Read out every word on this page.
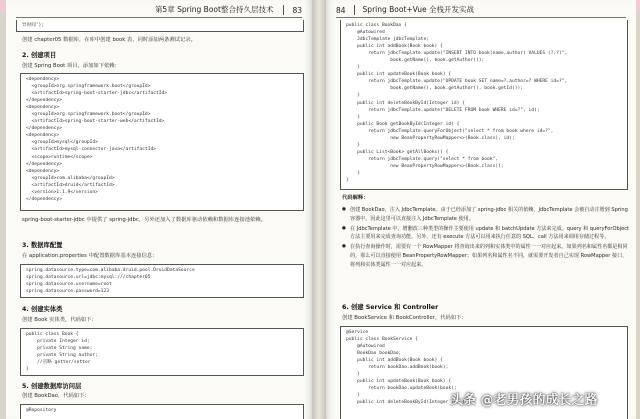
第5章 Spring Boot整合持久层技术	83
异时间');
创建 chapter05 数据库，在库中创建 book 表，同时添加两条测试记录。
2. 创建项目
创建 Spring Boot 项目，添加如下依赖：
<dependency>
<groupId>org.springframework.boot</groupId>
<artifactId>spring-boot-starter-jdbc</artifactId>
</dependency>
<dependency>
<groupId>org.springframework.boot</groupId>
<artifactId>spring-boot-starter-web</artifactId>
</dependency>
<dependency>
<groupId>mysql</groupId>
<artifactId>mysql-connector-java</artifactId>
<scope>runtime</scope>
</dependency>
<dependency>
<groupId>com.alibaba</groupId>
<artifactId>druid</artifactId>
<version>1.1.9</version>
</dependency>
spring-boot-starter-jdbc 中提供了 spring-jdbc，另外还加入了数据库驱动依赖和数据库连接池依赖。
3. 数据库配置
在 application.properties 中配置数据库基本连接信息：
spring.datasource.type=com.alibaba.druid.pool.DruidDataSource
spring.datasource.url=jdbc:mysql:///chapter05
spring.datasource.username=root
spring.datasource.password=123
4. 创建实体类
创建 Book 实体类，代码如下：
public class Book {
private Integer id;
private String name;
private String author;
//省略 getter/setter
}
5. 创建数据库访问层
创建 BookDao，代码如下：
@Repository
84 Spring Boot+Vue 全栈开发实战
public class BookDao {
@Autowired
JdbcTemplate jdbcTemplate;
public int addBook(Book book) {
return jdbcTemplate.update("INSERT INTO book(name,author) VALUES (?,?)",
book.getName(), book.getAuthor());
}
public int updateBook(Book book) {
return jdbcTemplate.update("UPDATE book SET name=?,author=? WHERE id=?",
book.getName(), book.getAuthor(), book.getId());
}
public int deleteBookById(Integer id) {
return jdbcTemplate.update("DELETE FROM book WHERE id=?", id);
}
public Book getBookById(Integer id) {
return jdbcTemplate.queryForObject("select * from book where id=?",
new BeanPropertyRowMapper<>(Book.class), id);
}
public List<Book> getAllBooks() {
return jdbcTemplate.query("select * from book",
new BeanPropertyRowMapper<>(Book.class));
}
}
代码解释：
● 创建 BookDao，注入 JdbcTemplate。由于已经添加了 spring-jdbc 相关的依赖，JdbcTemplate 会被自动注册到 Spring 容器中，因此这里可以直接注入 JdbcTemplate 使用。
● 在 JdbcTemplate 中，增删改三种类型的操作主要使用 update 和 batchUpdate 方法来完成。query 和 queryForObject 方法主要用来完成查询功能。另外，还有 execute 方法可以用来执行任意的 SQL、call 方法用来调用存储过程等。
● 在执行查询操作时，需要有一个 RowMapper 将查询出来的列和实体类中的属性一一对应起来。如果列名和属性名都是相同的，那么可以直接使用 BeanPropertyRowMapper；如果列名和属性名不同，就需要开发者自己实现 RowMapper 接口，将列和实体类属性一一对应起来。
6. 创建 Service 和 Controller
创建 BookService 和 BookController，代码如下：
@Service
public class BookService {
@Autowired
BookDao bookDao;
public int addBook(Book book) {
return bookDao.addBook(book);
}
public int updateBook(Book book) {
return bookDao.updateBook(book);
}
public int deleteBookById(Integer id) {
头条 @老男孩的成长之路
